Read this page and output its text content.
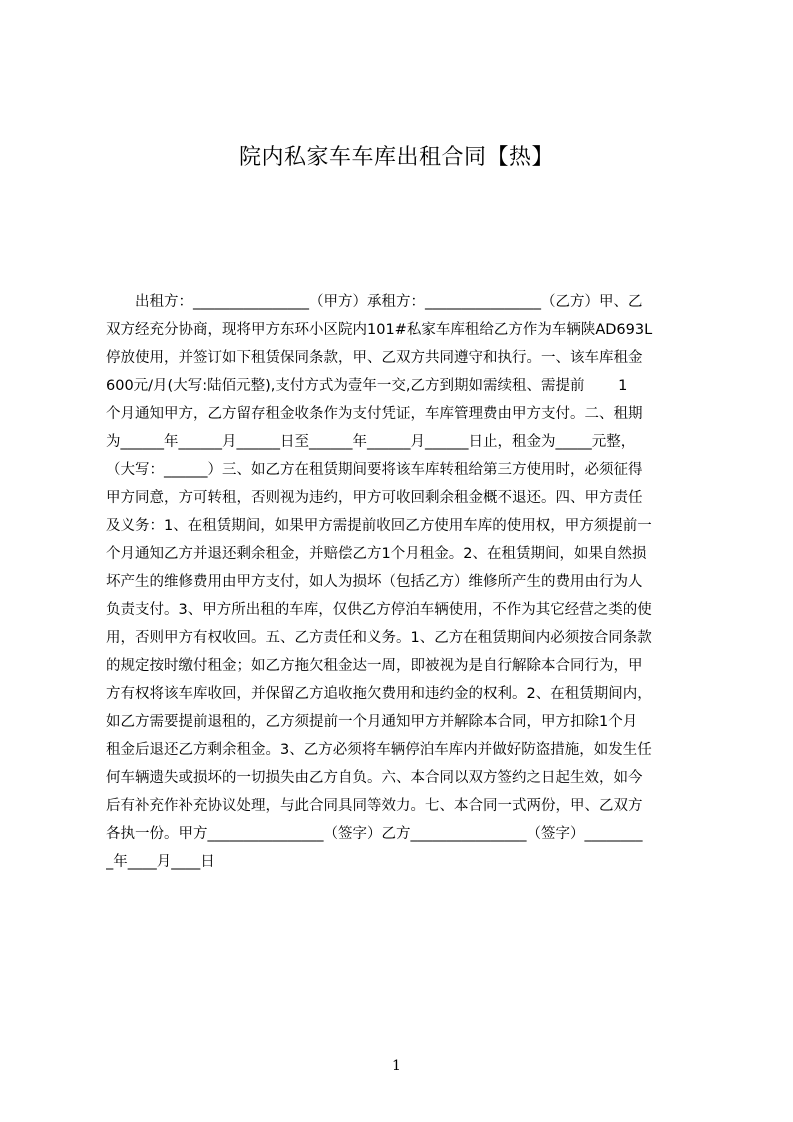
院内私家车车库出租合同【热】
　　出租方：________________（甲方）承租方：________________（乙方）甲、乙
双方经充分协商，现将甲方东环小区院内101#私家车库租给乙方作为车辆陕AD693L
停放使用，并签订如下租赁保同条款，甲、乙双方共同遵守和执行。一、该车库租金
600元/月(大写:陆佰元整),支付方式为壹年一交,乙方到期如需续租、需提前　　 1
个月通知甲方，乙方留存租金收条作为支付凭证，车库管理费由甲方支付。二、租期
为______年______月______日至______年______月______日止，租金为_____元整，
（大写：______）三、如乙方在租赁期间要将该车库转租给第三方使用时，必须征得
甲方同意，方可转租，否则视为违约，甲方可收回剩余租金概不退还。四、甲方责任
及义务：1、在租赁期间，如果甲方需提前收回乙方使用车库的使用权，甲方须提前一
个月通知乙方并退还剩余租金，并赔偿乙方1个月租金。2、在租赁期间，如果自然损
坏产生的维修费用由甲方支付，如人为损坏（包括乙方）维修所产生的费用由行为人
负责支付。3、甲方所出租的车库，仅供乙方停泊车辆使用，不作为其它经营之类的使
用，否则甲方有权收回。五、乙方责任和义务。1、乙方在租赁期间内必须按合同条款
的规定按时缴付租金；如乙方拖欠租金达一周，即被视为是自行解除本合同行为，甲
方有权将该车库收回，并保留乙方追收拖欠费用和违约金的权利。2、在租赁期间内，
如乙方需要提前退租的，乙方须提前一个月通知甲方并解除本合同，甲方扣除1个月
租金后退还乙方剩余租金。3、乙方必须将车辆停泊车库内并做好防盗措施，如发生任
何车辆遗失或损坏的一切损失由乙方自负。六、本合同以双方签约之日起生效，如今
后有补充作补充协议处理，与此合同具同等效力。七、本合同一式两份，甲、乙双方
各执一份。甲方________________（签字）乙方________________（签字）________
_年____月____日
1
